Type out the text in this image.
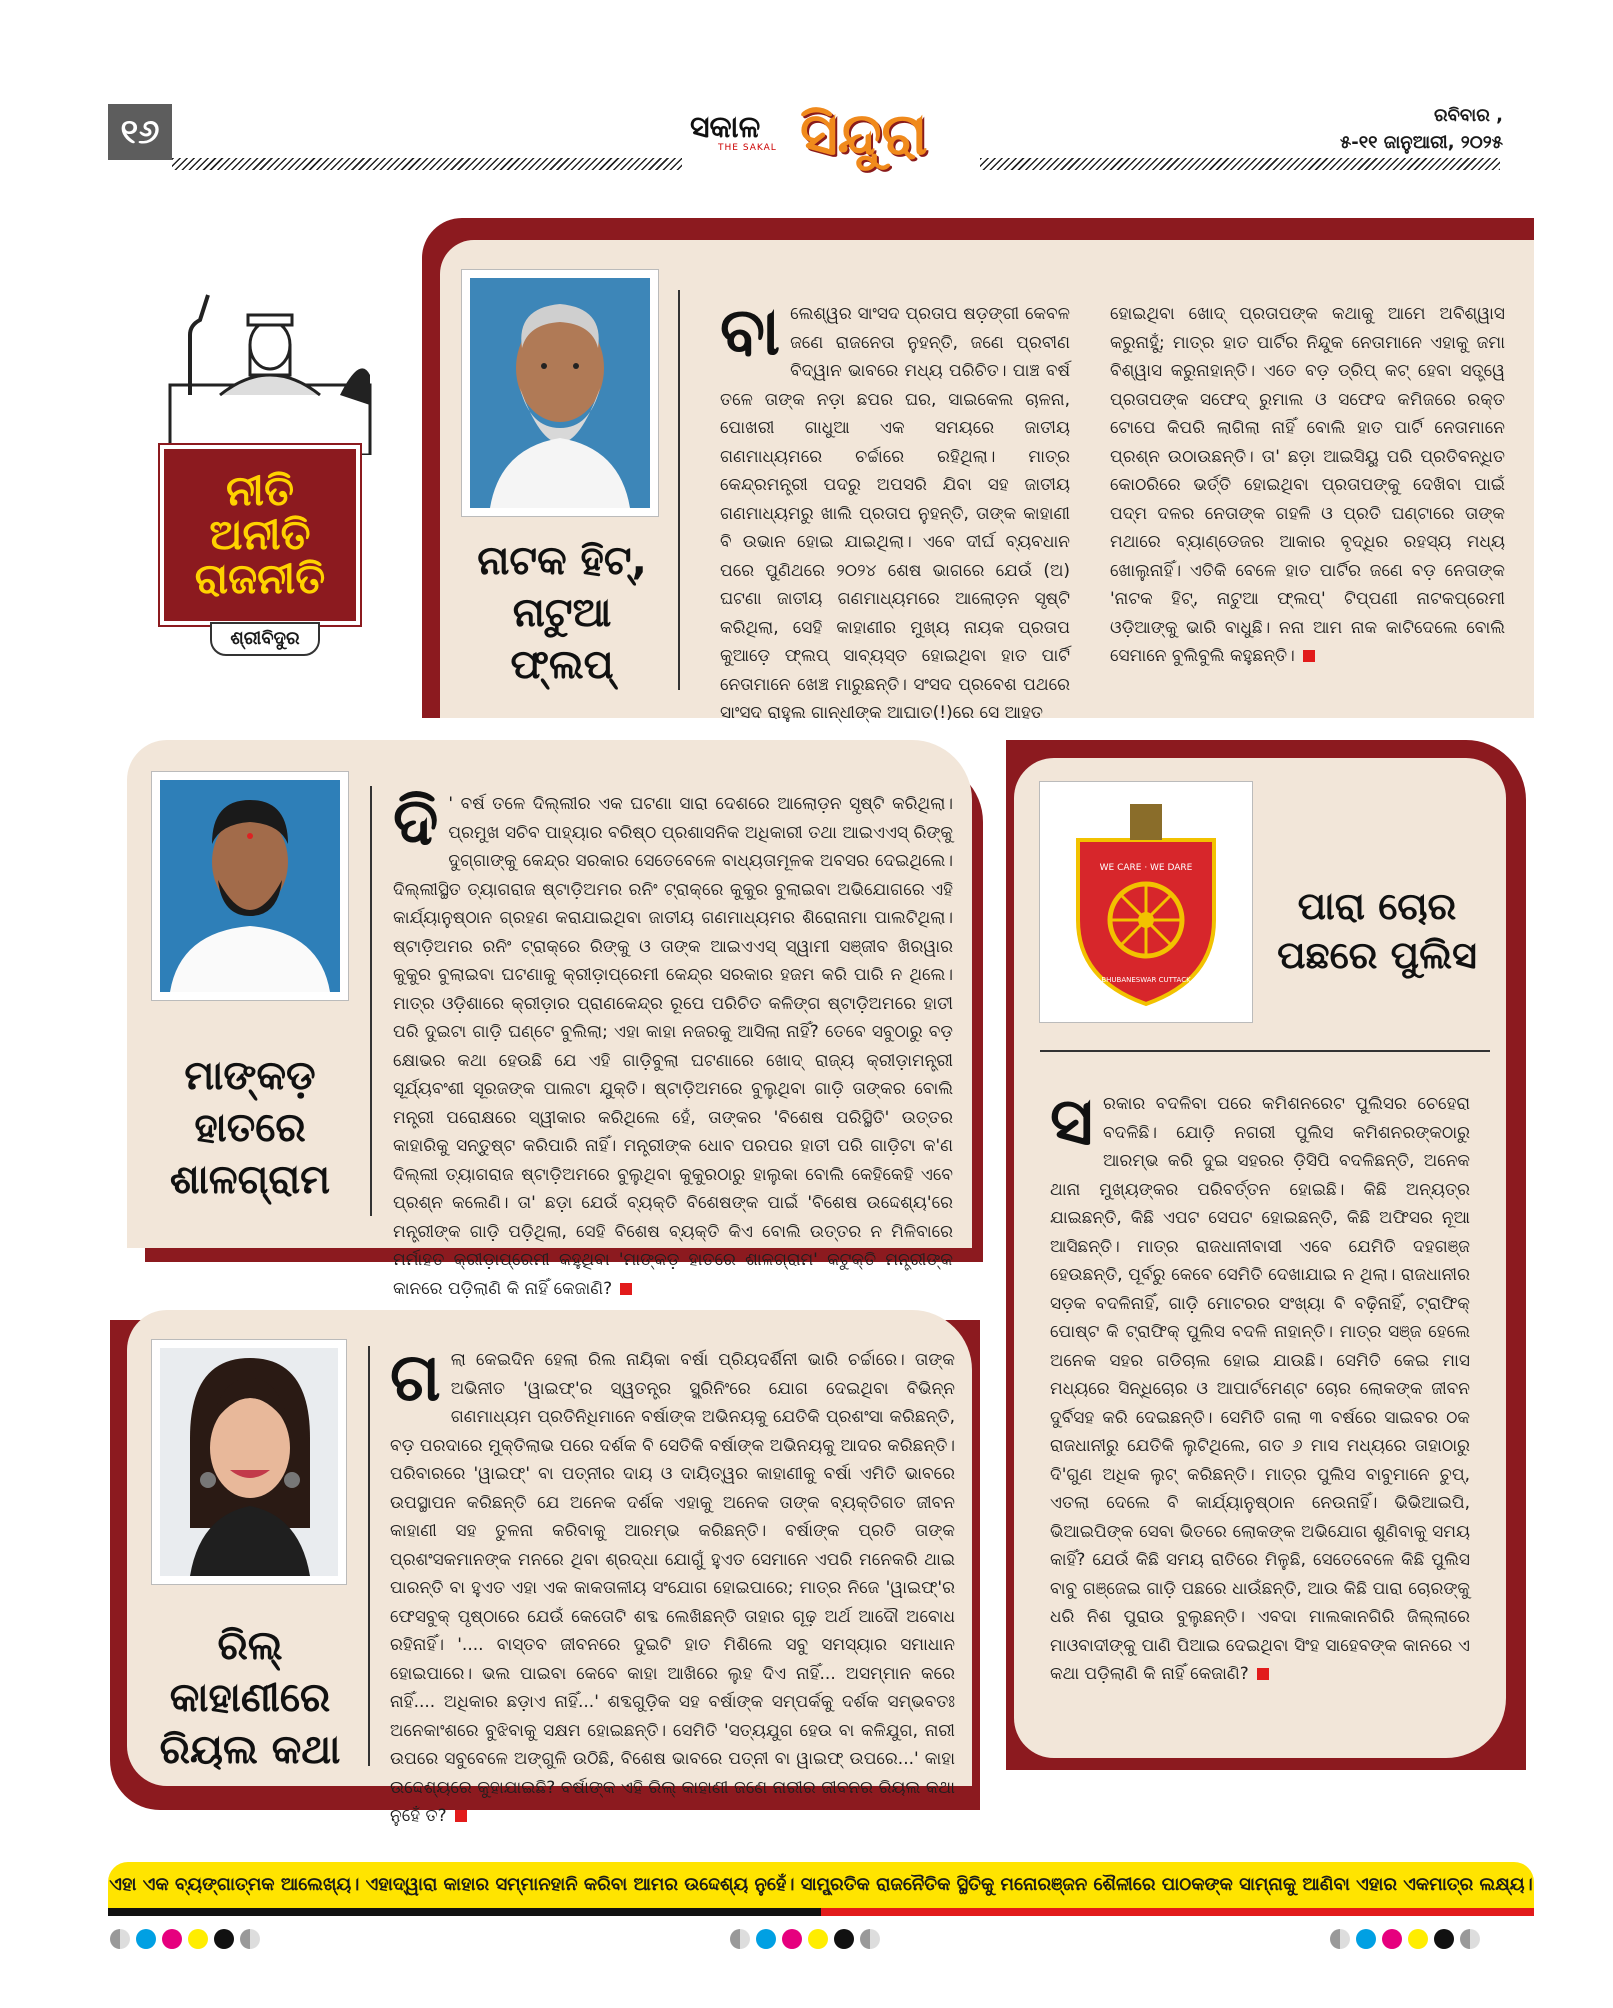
୧୬	ସକାଳ
THE SAKAL ସିନ୍ଦୁରା	ରବିବାର ,
୫-୧୧ ଜାନୁଆରୀ, ୨୦୨୫
ନୀତି
ଅନୀତି
ରାଜନୀତି
ଶ୍ରୀବିଦୁର
ନାଟକ ହିଟ୍, ନାଟୁଆ ଫ୍ଲପ୍
ବାଲେଶ୍ୱର ସାଂସଦ ପ୍ରତାପ ଷଡ଼ଙ୍ଗୀ କେବଳ ଜଣେ ରାଜନେତା ନୁହନ୍ତି, ଜଣେ ପ୍ରବୀଣ ବିଦ୍ୱାନ ଭାବରେ ମଧ୍ୟ ପରିଚିତ। ପାଞ୍ଚ ବର୍ଷ ତଳେ ତାଙ୍କ ନଡ଼ା ଛପର ଘର, ସାଇକେଲ ଚାଳନା, ପୋଖରୀ ଗାଧୁଆ ଏକ ସମୟରେ ଜାତୀୟ ଗଣମାଧ୍ୟମରେ ଚର୍ଚ୍ଚାରେ ରହିଥିଲା। ମାତ୍ର କେନ୍ଦ୍ରମନ୍ତ୍ରୀ ପଦରୁ ଅପସରି ଯିବା ସହ ଜାତୀୟ ଗଣମାଧ୍ୟମରୁ ଖାଲି ପ୍ରତାପ ନୁହନ୍ତି, ତାଙ୍କ କାହାଣୀ ବି ଉଭାନ ହୋଇ ଯାଇଥିଲା। ଏବେ ଦୀର୍ଘ ବ୍ୟବଧାନ ପରେ ପୁଣିଥରେ ୨୦୨୪ ଶେଷ ଭାଗରେ ଯେଉଁ (ଅ) ଘଟଣା ଜାତୀୟ ଗଣମାଧ୍ୟମରେ ଆଲୋଡ଼ନ ସୃଷ୍ଟି କରିଥିଲା, ସେହି କାହାଣୀର ମୁଖ୍ୟ ନାୟକ ପ୍ରତାପ କୁଆଡ଼େ ଫ୍ଲପ୍ ସାବ୍ୟସ୍ତ ହୋଇଥିବା ହାତ ପାର୍ଟି ନେତାମାନେ ଖେଞ୍ଚ ମାରୁଛନ୍ତି। ସଂସଦ ପ୍ରବେଶ ପଥରେ ସାଂସଦ ରାହୁଲ ଗାନ୍ଧୀଙ୍କ ଆଘାତ(!)ରେ ସେ ଆହତ
ହୋଇଥିବା ଖୋଦ୍ ପ୍ରତାପଙ୍କ କଥାକୁ ଆମେ ଅବିଶ୍ୱାସ କରୁନାହୁଁ; ମାତ୍ର ହାତ ପାର୍ଟିର ନିନ୍ଦୁକ ନେତାମାନେ ଏହାକୁ ଜମା ବିଶ୍ୱାସ କରୁନାହାନ୍ତି। ଏତେ ବଡ଼ ଡ୍ରିପ୍ କଟ୍ ହେବା ସତ୍ତ୍ୱେ ପ୍ରତାପଙ୍କ ସଫେଦ୍ ରୁମାଲ ଓ ସଫେଦ କମିଜରେ ରକ୍ତ ଟୋପେ କିପରି ଲାଗିଲା ନାହିଁ ବୋଲି ହାତ ପାର୍ଟି ନେତାମାନେ ପ୍ରଶ୍ନ ଉଠାଉଛନ୍ତି। ତା' ଛଡ଼ା ଆଇସିୟୁ ପରି ପ୍ରତିବନ୍ଧିତ କୋଠରିରେ ଭର୍ତ୍ତି ହୋଇଥିବା ପ୍ରତାପଙ୍କୁ ଦେଖିବା ପାଇଁ ପଦ୍ମ ଦଳର ନେତାଙ୍କ ଗହଳି ଓ ପ୍ରତି ଘଣ୍ଟାରେ ତାଙ୍କ ମଥାରେ ବ୍ୟାଣ୍ଡେଜର ଆକାର ବୃଦ୍ଧିର ରହସ୍ୟ ମଧ୍ୟ ଖୋଲୁନାହିଁ। ଏତିକି ବେଳେ ହାତ ପାର୍ଟିର ଜଣେ ବଡ଼ ନେତାଙ୍କ 'ନାଟକ ହିଟ୍, ନାଟୁଆ ଫ୍ଲପ୍' ଟିପ୍ପଣୀ ନାଟକପ୍ରେମୀ ଓଡ଼ିଆଙ୍କୁ ଭାରି ବାଧୁଛି। ନନା ଆମ ନାକ କାଟିଦେଲେ ବୋଲି ସେମାନେ ବୁଲିବୁଲି କହୁଛନ୍ତି।
ମାଙ୍କଡ଼ ହାତରେ ଶାଳଗ୍ରାମ
ଦି ' ବର୍ଷ ତଳେ ଦିଲ୍ଲୀର ଏକ ଘଟଣା ସାରା ଦେଶରେ ଆଲୋଡ଼ନ ସୃଷ୍ଟି କରିଥିଲା। ପ୍ରମୁଖ ସଚିବ ପାହ୍ୟାର ବରିଷ୍ଠ ପ୍ରଶାସନିକ ଅଧିକାରୀ ତଥା ଆଇଏଏସ୍ ରିଙ୍କୁ ଦୁଗ୍ଗାଙ୍କୁ କେନ୍ଦ୍ର ସରକାର ସେତେବେଳେ ବାଧ୍ୟତାମୂଳକ ଅବସର ଦେଇଥିଲେ। ଦିଲ୍ଲୀସ୍ଥିତ ତ୍ୟାଗରାଜ ଷ୍ଟାଡ଼ିଅମର ରନିଂ ଟ୍ରାକ୍‌ରେ କୁକୁର ବୁଲାଇବା ଅଭିଯୋଗରେ ଏହି କାର୍ଯ୍ୟାନୁଷ୍ଠାନ ଗ୍ରହଣ କରାଯାଇଥିବା ଜାତୀୟ ଗଣମାଧ୍ୟମର ଶିରୋନାମା ପାଲଟିଥିଲା। ଷ୍ଟାଡ଼ିଅମର ରନିଂ ଟ୍ରାକ୍‌ରେ ରିଙ୍କୁ ଓ ତାଙ୍କ ଆଇଏଏସ୍ ସ୍ୱାମୀ ସଞ୍ଜୀବ ଖିରୱାର କୁକୁର ବୁଲାଇବା ଘଟଣାକୁ କ୍ରୀଡ଼ାପ୍ରେମୀ କେନ୍ଦ୍ର ସରକାର ହଜମ କରି ପାରି ନ ଥିଲେ। ମାତ୍ର ଓଡ଼ିଶାରେ କ୍ରୀଡ଼ାର ପ୍ରାଣକେନ୍ଦ୍ର ରୂପେ ପରିଚିତ କଳିଙ୍ଗ ଷ୍ଟାଡ଼ିଅମରେ ହାତୀ ପରି ଦୁଇଟା ଗାଡ଼ି ଘଣ୍ଟେ ବୁଲିଲା; ଏହା କାହା ନଜରକୁ ଆସିଲା ନାହିଁ? ତେବେ ସବୁଠାରୁ ବଡ଼ କ୍ଷୋଭର କଥା ହେଉଛି ଯେ ଏହି ଗାଡ଼ିବୁଲା ଘଟଣାରେ ଖୋଦ୍ ରାଜ୍ୟ କ୍ରୀଡ଼ାମନ୍ତ୍ରୀ ସୂର୍ଯ୍ୟବଂଶୀ ସୂରଜଙ୍କ ପାଲଟା ଯୁକ୍ତି। ଷ୍ଟାଡ଼ିଅମରେ ବୁଲୁଥିବା ଗାଡ଼ି ତାଙ୍କର ବୋଲି ମନ୍ତ୍ରୀ ପରୋକ୍ଷରେ ସ୍ୱୀକାର କରିଥିଲେ ହେଁ, ତାଙ୍କର 'ବିଶେଷ ପରିସ୍ଥିତି' ଉତ୍ତର କାହାରିକୁ ସନ୍ତୁଷ୍ଟ କରିପାରି ନାହିଁ। ମନ୍ତ୍ରୀଙ୍କ ଧୋବ ପରପର ହାତୀ ପରି ଗାଡ଼ିଟା କ'ଣ ଦିଲ୍ଲୀ ତ୍ୟାଗରାଜ ଷ୍ଟାଡ଼ିଅମରେ ବୁଲୁଥିବା କୁକୁରଠାରୁ ହାଲୁକା ବୋଲି କେହିକେହି ଏବେ ପ୍ରଶ୍ନ କଲେଣି। ତା' ଛଡ଼ା ଯେଉଁ ବ୍ୟକ୍ତି ବିଶେଷଙ୍କ ପାଇଁ 'ବିଶେଷ ଉଦ୍ଦେଶ୍ୟ'ରେ ମନ୍ତ୍ରୀଙ୍କ ଗାଡ଼ି ପଡ଼ିଥିଲା, ସେହି ବିଶେଷ ବ୍ୟକ୍ତି କିଏ ବୋଲି ଉତ୍ତର ନ ମିଳିବାରେ ମର୍ମାହତ କ୍ରୀଡ଼ାପ୍ରେମୀ କହୁଥିବା 'ମାଙ୍କଡ଼ ହାତରେ ଶାଳଗ୍ରାମ' କଟୁକ୍ତି ମନ୍ତ୍ରୀଙ୍କ କାନରେ ପଡ଼ିଲାଣି କି ନାହିଁ କେଜାଣି?
WE CARE · WE DARE
BHUBANESWAR CUTTACK
ପାରା ଚୋର ପଛରେ ପୁଲିସ
ସରକାର ବଦଳିବା ପରେ କମିଶନରେଟ ପୁଲିସର ଚେହେରା ବଦଳିଛି। ଯୋଡ଼ି ନଗରୀ ପୁଲିସ କମିଶନରଙ୍କଠାରୁ ଆରମ୍ଭ କରି ଦୁଇ ସହରର ଡ଼ିସିପି ବଦଳିଛନ୍ତି, ଅନେକ ଥାନା ମୁଖ୍ୟଙ୍କର ପରିବର୍ତ୍ତନ ହୋଇଛି। କିଛି ଅନ୍ୟତ୍ର ଯାଇଛନ୍ତି, କିଛି ଏପଟ ସେପଟ ହୋଇଛନ୍ତି, କିଛି ଅଫିସର ନୂଆ ଆସିଛନ୍ତି। ମାତ୍ର ରାଜଧାନୀବାସୀ ଏବେ ଯେମିତି ଦହଗଞ୍ଜ ହେଉଛନ୍ତି, ପୂର୍ବରୁ କେବେ ସେମିତି ଦେଖାଯାଇ ନ ଥିଲା। ରାଜଧାନୀର ସଡ଼କ ବଦଳିନାହିଁ, ଗାଡ଼ି ମୋଟରର ସଂଖ୍ୟା ବି ବଢ଼ିନାହିଁ, ଟ୍ରାଫିକ୍ ପୋଷ୍ଟ କି ଟ୍ରାଫିକ୍ ପୁଲିସ ବଦଳି ନାହାନ୍ତି। ମାତ୍ର ସଞ୍ଜ ହେଲେ ଅନେକ ସହର ଗଡିଚାଲ ହୋଇ ଯାଉଛି। ସେମିତି କେଇ ମାସ ମଧ୍ୟରେ ସିନ୍ଧିଚୋର ଓ ଆପାର୍ଟମେଣ୍ଟ ଚୋର ଲୋକଙ୍କ ଜୀବନ ଦୁର୍ବିସହ କରି ଦେଇଛନ୍ତି। ସେମିତି ଗଲା ୩ ବର୍ଷରେ ସାଇବର ଠକ ରାଜଧାନୀରୁ ଯେତିକି ଲୁଟିଥିଲେ, ଗତ ୬ ମାସ ମଧ୍ୟରେ ତାହାଠାରୁ ଦି'ଗୁଣ ଅଧିକ ଲୁଟ୍ କରିଛନ୍ତି। ମାତ୍ର ପୁଲିସ ବାବୁମାନେ ଚୁପ୍, ଏତଲା ଦେଲେ ବି କାର୍ଯ୍ୟାନୁଷ୍ଠାନ ନେଉନାହିଁ। ଭିଭିଆଇପି, ଭିଆଇପିଙ୍କ ସେବା ଭିତରେ ଲୋକଙ୍କ ଅଭିଯୋଗ ଶୁଣିବାକୁ ସମୟ କାହିଁ? ଯେଉଁ କିଛି ସମୟ ରାତିରେ ମିଳୁଛି, ସେତେବେଳେ କିଛି ପୁଲିସ ବାବୁ ଗଞ୍ଜେଇ ଗାଡ଼ି ପଛରେ ଧାଉଁଛନ୍ତି, ଆଉ କିଛି ପାରା ଚୋରଙ୍କୁ ଧରି ନିଶ ପୁରାଉ ବୁଲୁଛନ୍ତି। ଏବଦା ମାଲକାନଗିରି ଜିଲ୍ଲାରେ ମାଓବାଦୀଙ୍କୁ ପାଣି ପିଆଇ ଦେଇଥିବା ସିଂହ ସାହେବଙ୍କ କାନରେ ଏ କଥା ପଡ଼ିଲାଣି କି ନାହିଁ କେଜାଣି?
ରିଲ୍ କାହାଣୀରେ ରିୟଲ କଥା
ଗଲା କେଇଦିନ ହେଲା ରିଲ ନାୟିକା ବର୍ଷା ପ୍ରିୟଦର୍ଶିନୀ ଭାରି ଚର୍ଚ୍ଚାରେ। ତାଙ୍କ ଅଭିନୀତ 'ୱାଇଫ୍'ର ସ୍ୱତନ୍ତ୍ର ସ୍କ୍ରିନିଂରେ ଯୋଗ ଦେଇଥିବା ବିଭିନ୍ନ ଗଣମାଧ୍ୟମ ପ୍ରତିନିଧିମାନେ ବର୍ଷାଙ୍କ ଅଭିନୟକୁ ଯେତିକି ପ୍ରଶଂସା କରିଛନ୍ତି, ବଡ଼ ପରଦାରେ ମୁକ୍ତିଲାଭ ପରେ ଦର୍ଶକ ବି ସେତିକି ବର୍ଷାଙ୍କ ଅଭିନୟକୁ ଆଦର କରିଛନ୍ତି। ପରିବାରରେ 'ୱାଇଫ୍' ବା ପତ୍ନୀର ଦାୟ ଓ ଦାୟିତ୍ୱର କାହାଣୀକୁ ବର୍ଷା ଏମିତି ଭାବରେ ଉପସ୍ଥାପନ କରିଛନ୍ତି ଯେ ଅନେକ ଦର୍ଶକ ଏହାକୁ ଅନେକ ତାଙ୍କ ବ୍ୟକ୍ତିଗତ ଜୀବନ କାହାଣୀ ସହ ତୁଳନା କରିବାକୁ ଆରମ୍ଭ କରିଛନ୍ତି। ବର୍ଷାଙ୍କ ପ୍ରତି ତାଙ୍କ ପ୍ରଶଂସକମାନଙ୍କ ମନରେ ଥିବା ଶ୍ରଦ୍ଧା ଯୋଗୁଁ ହୁଏତ ସେମାନେ ଏପରି ମନେକରି ଥାଇ ପାରନ୍ତି ବା ହୁଏତ ଏହା ଏକ କାକତାଳୀୟ ସଂଯୋଗ ହୋଇପାରେ; ମାତ୍ର ନିଜେ 'ୱାଇଫ୍'ର ଫେସବୁକ୍ ପୃଷ୍ଠାରେ ଯେଉଁ କେତୋଟି ଶବ୍ଦ ଲେଖିଛନ୍ତି ତାହାର ଗୂଢ଼ ଅର୍ଥ ଆଦୌ ଅବୋଧ ରହିନାହିଁ। '.... ବାସ୍ତବ ଜୀବନରେ ଦୁଇଟି ହାତ ମିଶିଲେ ସବୁ ସମସ୍ୟାର ସମାଧାନ ହୋଇପାରେ। ଭଲ ପାଇବା କେବେ କାହା ଆଖିରେ ଲୁହ ଦିଏ ନାହିଁ... ଅସମ୍ମାନ କରେ ନାହିଁ.... ଅଧିକାର ଛଡ଼ାଏ ନାହିଁ...' ଶବ୍ଦଗୁଡ଼ିକ ସହ ବର୍ଷାଙ୍କ ସମ୍ପର୍କକୁ ଦର୍ଶକ ସମ୍ଭବତଃ ଅନେକାଂଶରେ ବୁଝିବାକୁ ସକ୍ଷମ ହୋଇଛନ୍ତି। ସେମିତି 'ସତ୍ୟଯୁଗ ହେଉ ବା କଳିଯୁଗ, ନାରୀ ଉପରେ ସବୁବେଳେ ଅଙ୍ଗୁଳି ଉଠିଛି, ବିଶେଷ ଭାବରେ ପତ୍ନୀ ବା ୱାଇଫ୍ ଉପରେ...' କାହା ଉଦ୍ଦେଶ୍ୟରେ କୁହାଯାଇଛି? ବର୍ଷାଙ୍କ ଏହି ରିଲ୍ କାହାଣୀ ଜଣେ ନାରୀର ଜୀବନର ରିୟଲ କଥା ନୁହେଁ ତ?
ଏହା ଏକ ବ୍ୟଙ୍ଗାତ୍ମକ ଆଲେଖ୍ୟ। ଏହାଦ୍ୱାରା କାହାର ସମ୍ମାନହାନି କରିବା ଆମର ଉଦ୍ଦେଶ୍ୟ ନୁହେଁ। ସାମ୍ପ୍ରତିକ ରାଜନୈତିକ ସ୍ଥିତିକୁ ମନୋରଞ୍ଜନ ଶୈଳୀରେ ପାଠକଙ୍କ ସାମ୍ନାକୁ ଆଣିବା ଏହାର ଏକମାତ୍ର ଲକ୍ଷ୍ୟ।
